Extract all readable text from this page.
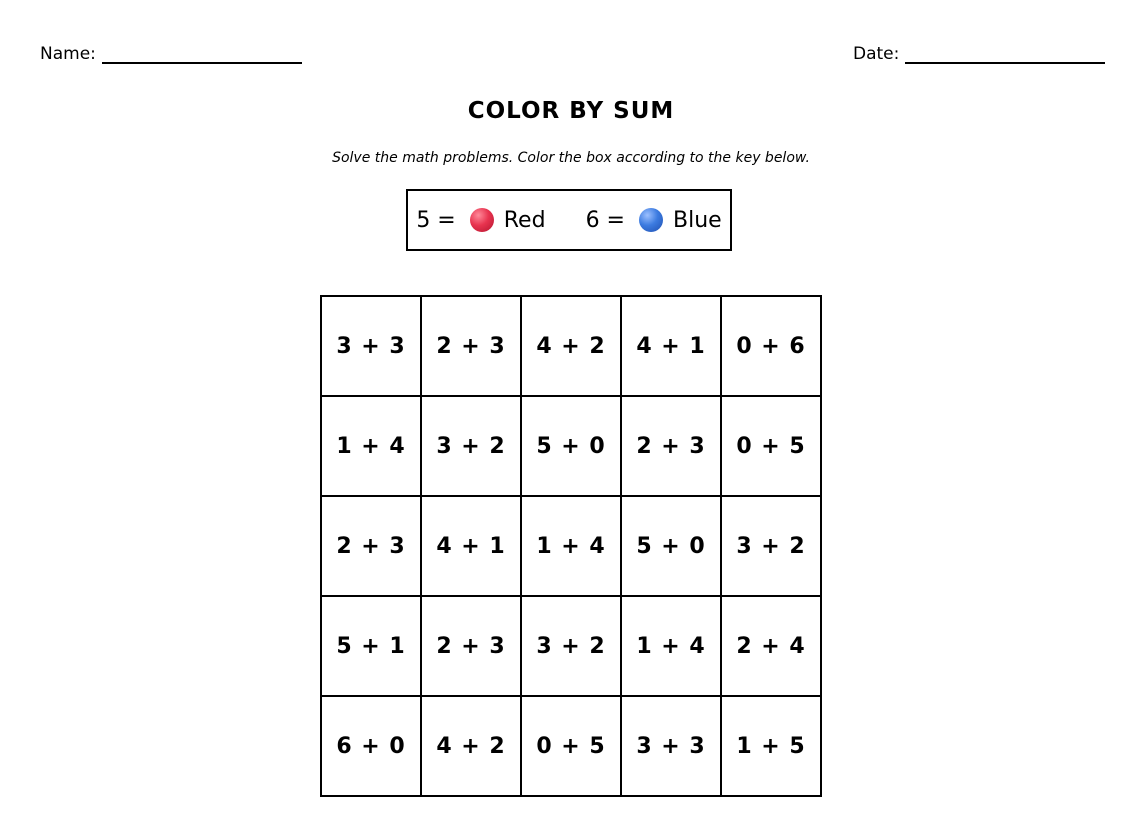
Name:	Date:
COLOR BY SUM
Solve the math problems. Color the box according to the key below.
5 = Red 6 = Blue
3 + 3	2 + 3	4 + 2	4 + 1	0 + 6
1 + 4	3 + 2	5 + 0	2 + 3	0 + 5
2 + 3	4 + 1	1 + 4	5 + 0	3 + 2
5 + 1	2 + 3	3 + 2	1 + 4	2 + 4
6 + 0	4 + 2	0 + 5	3 + 3	1 + 5
